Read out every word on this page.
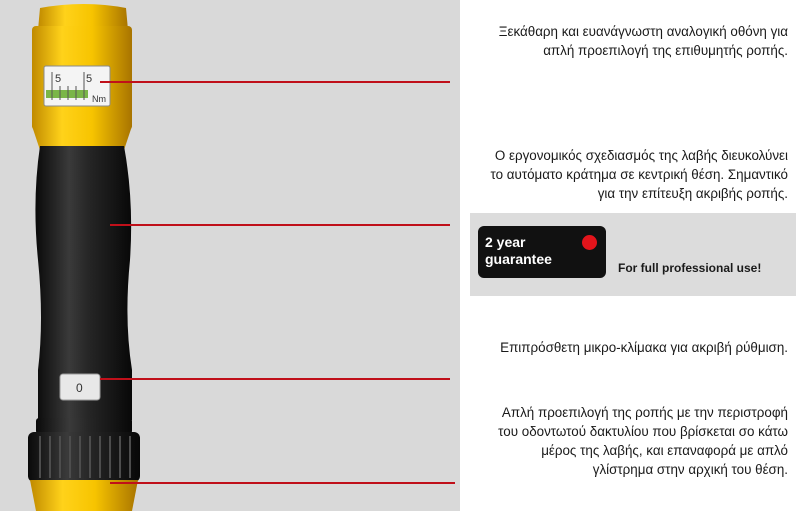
5 5
Nm
0
Ξεκάθαρη και ευανάγνωστη αναλογική οθόνη για απλή προεπιλογή της επιθυμητής ροπής.
Ο εργονομικός σχεδιασμός της λαβής διευκολύνει το αυτόματο κράτημα σε κεντρική θέση. Σημαντικό για την επίτευξη ακριβής ροπής.
Επιπρόσθετη μικρο-κλίμακα για ακριβή ρύθμιση.
Απλή προεπιλογή της ροπής με την περιστροφή του οδοντωτού δακτυλίου που βρίσκεται σο κάτω μέρος της λαβής, και επαναφορά με απλό γλίστρημα στην αρχική του θέση.
2 year
guarantee
For full professional use!
